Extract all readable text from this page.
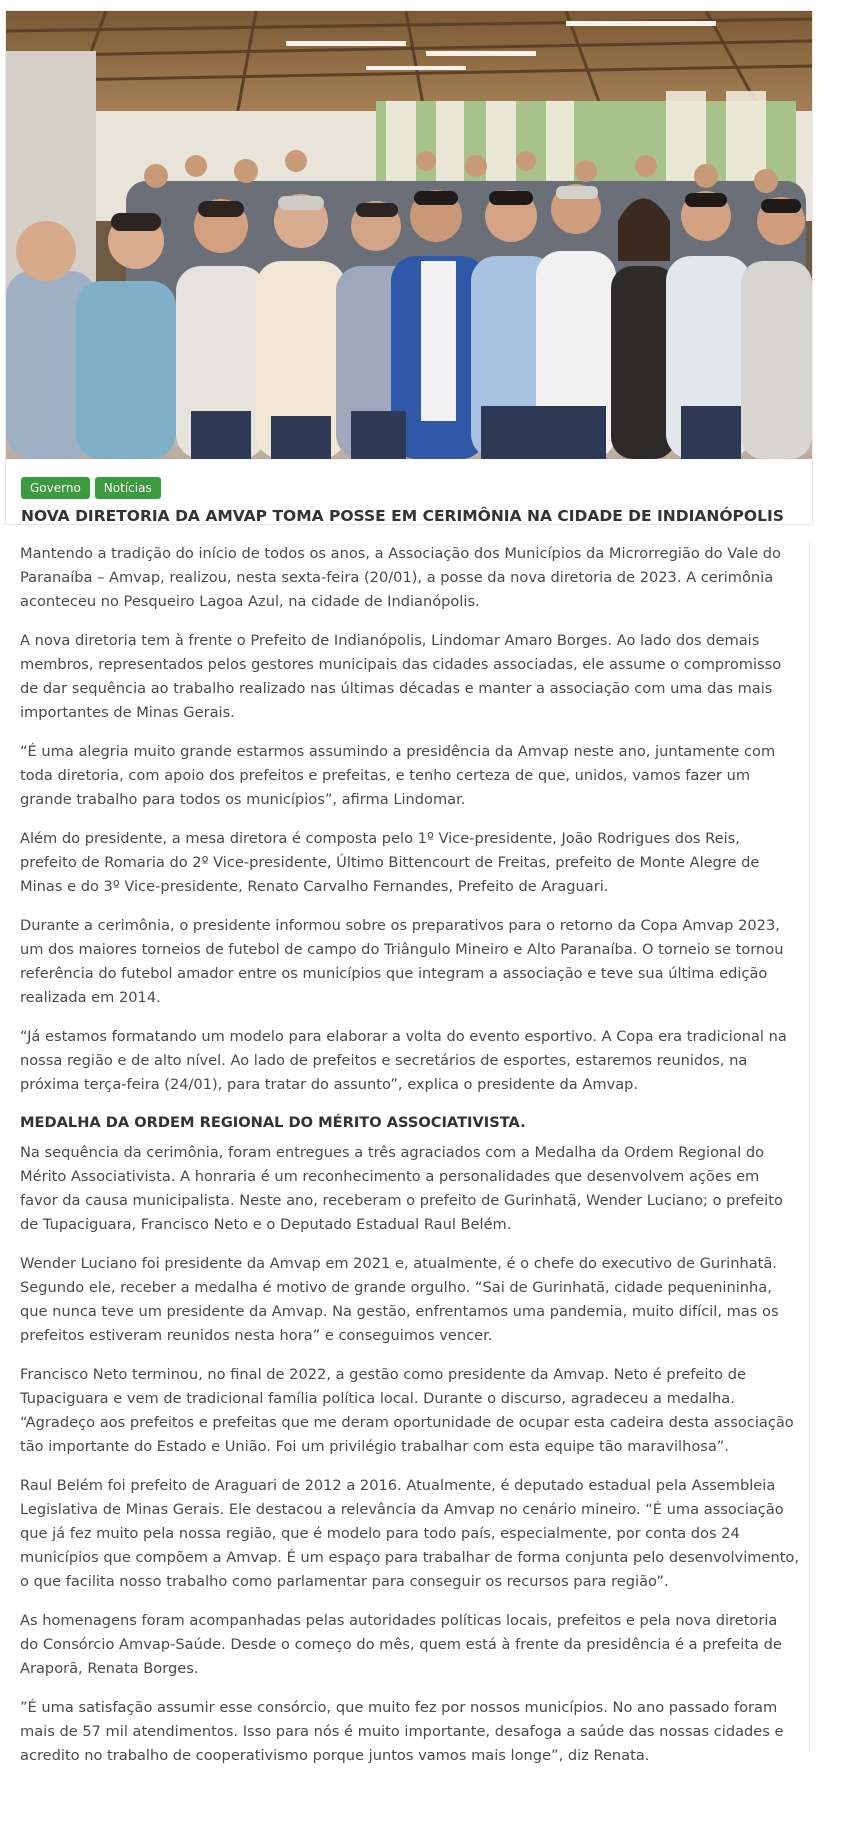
Governo	Notícias
NOVA DIRETORIA DA AMVAP TOMA POSSE EM CERIMÔNIA NA CIDADE DE INDIANÓPOLIS

Mantendo a tradição do início de todos os anos, a Associação dos Municípios da Microrregião do Vale do Paranaíba – Amvap, realizou, nesta sexta-feira (20/01), a posse da nova diretoria de 2023. A cerimônia aconteceu no Pesqueiro Lagoa Azul, na cidade de Indianópolis.

A nova diretoria tem à frente o Prefeito de Indianópolis, Lindomar Amaro Borges. Ao lado dos demais membros, representados pelos gestores municipais das cidades associadas, ele assume o compromisso de dar sequência ao trabalho realizado nas últimas décadas e manter a associação com uma das mais importantes de Minas Gerais.

“É uma alegria muito grande estarmos assumindo a presidência da Amvap neste ano, juntamente com toda diretoria, com apoio dos prefeitos e prefeitas, e tenho certeza de que, unidos, vamos fazer um grande trabalho para todos os municípios”, afirma Lindomar.

Além do presidente, a mesa diretora é composta pelo 1º Vice-presidente, João Rodrigues dos Reis, prefeito de Romaria do 2º Vice-presidente, Último Bittencourt de Freitas, prefeito de Monte Alegre de Minas e do 3º Vice-presidente, Renato Carvalho Fernandes, Prefeito de Araguari.

Durante a cerimônia, o presidente informou sobre os preparativos para o retorno da Copa Amvap 2023, um dos maiores torneios de futebol de campo do Triângulo Mineiro e Alto Paranaíba. O torneio se tornou referência do futebol amador entre os municípios que integram a associação e teve sua última edição realizada em 2014.

“Já estamos formatando um modelo para elaborar a volta do evento esportivo. A Copa era tradicional na nossa região e de alto nível. Ao lado de prefeitos e secretários de esportes, estaremos reunidos, na próxima terça-feira (24/01), para tratar do assunto”, explica o presidente da Amvap.

MEDALHA DA ORDEM REGIONAL DO MÉRITO ASSOCIATIVISTA.

Na sequência da cerimônia, foram entregues a três agraciados com a Medalha da Ordem Regional do Mérito Associativista. A honraria é um reconhecimento a personalidades que desenvolvem ações em favor da causa municipalista. Neste ano, receberam o prefeito de Gurinhatã, Wender Luciano; o prefeito de Tupaciguara, Francisco Neto e o Deputado Estadual Raul Belém.

Wender Luciano foi presidente da Amvap em 2021 e, atualmente, é o chefe do executivo de Gurinhatã. Segundo ele, receber a medalha é motivo de grande orgulho. “Sai de Gurinhatã, cidade pequenininha, que nunca teve um presidente da Amvap. Na gestão, enfrentamos uma pandemia, muito difícil, mas os prefeitos estiveram reunidos nesta hora” e conseguimos vencer.

Francisco Neto terminou, no final de 2022, a gestão como presidente da Amvap. Neto é prefeito de Tupaciguara e vem de tradicional família política local. Durante o discurso, agradeceu a medalha. “Agradeço aos prefeitos e prefeitas que me deram oportunidade de ocupar esta cadeira desta associação tão importante do Estado e União. Foi um privilégio trabalhar com esta equipe tão maravilhosa”.

Raul Belém foi prefeito de Araguari de 2012 a 2016. Atualmente, é deputado estadual pela Assembleia Legislativa de Minas Gerais. Ele destacou a relevância da Amvap no cenário mineiro. “É uma associação que já fez muito pela nossa região, que é modelo para todo país, especialmente, por conta dos 24 municípios que compõem a Amvap. É um espaço para trabalhar de forma conjunta pelo desenvolvimento, o que facilita nosso trabalho como parlamentar para conseguir os recursos para região”.

As homenagens foram acompanhadas pelas autoridades políticas locais, prefeitos e pela nova diretoria do Consórcio Amvap-Saúde. Desde o começo do mês, quem está à frente da presidência é a prefeita de Araporã, Renata Borges.

”É uma satisfação assumir esse consórcio, que muito fez por nossos municípios. No ano passado foram mais de 57 mil atendimentos. Isso para nós é muito importante, desafoga a saúde das nossas cidades e acredito no trabalho de cooperativismo porque juntos vamos mais longe”, diz Renata.
